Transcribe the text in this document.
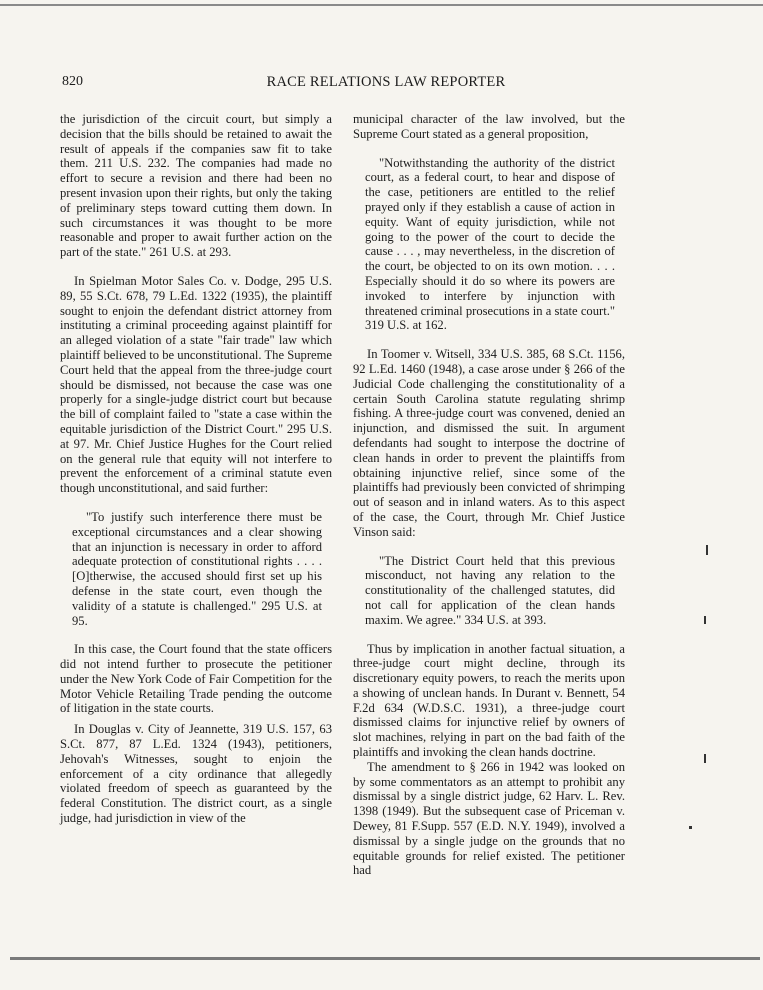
820	RACE RELATIONS LAW REPORTER

the jurisdiction of the circuit court, but simply a decision that the bills should be retained to await the result of appeals if the companies saw fit to take them. 211 U.S. 232. The companies had made no effort to secure a revision and there had been no present invasion upon their rights, but only the taking of preliminary steps toward cutting them down. In such circumstances it was thought to be more reasonable and proper to await further action on the part of the state." 261 U.S. at 293.

In Spielman Motor Sales Co. v. Dodge, 295 U.S. 89, 55 S.Ct. 678, 79 L.Ed. 1322 (1935), the plaintiff sought to enjoin the defendant district attorney from instituting a criminal proceeding against plaintiff for an alleged violation of a state "fair trade" law which plaintiff believed to be unconstitutional. The Supreme Court held that the appeal from the three-judge court should be dismissed, not because the case was one properly for a single-judge district court but because the bill of complaint failed to "state a case within the equitable jurisdiction of the District Court." 295 U.S. at 97. Mr. Chief Justice Hughes for the Court relied on the general rule that equity will not interfere to prevent the enforcement of a criminal statute even though unconstitutional, and said further:

"To justify such interference there must be exceptional circumstances and a clear showing that an injunction is necessary in order to afford adequate protection of constitutional rights . . . . [O]therwise, the accused should first set up his defense in the state court, even though the validity of a statute is challenged." 295 U.S. at 95.

In this case, the Court found that the state officers did not intend further to prosecute the petitioner under the New York Code of Fair Competition for the Motor Vehicle Retailing Trade pending the outcome of litigation in the state courts.

In Douglas v. City of Jeannette, 319 U.S. 157, 63 S.Ct. 877, 87 L.Ed. 1324 (1943), petitioners, Jehovah's Witnesses, sought to enjoin the enforcement of a city ordinance that allegedly violated freedom of speech as guaranteed by the federal Constitution. The district court, as a single judge, had jurisdiction in view of the

municipal character of the law involved, but the Supreme Court stated as a general proposition,

"Notwithstanding the authority of the district court, as a federal court, to hear and dispose of the case, petitioners are entitled to the relief prayed only if they establish a cause of action in equity. Want of equity jurisdiction, while not going to the power of the court to decide the cause . . . , may nevertheless, in the discretion of the court, be objected to on its own motion. . . . Especially should it do so where its powers are invoked to interfere by injunction with threatened criminal prosecutions in a state court." 319 U.S. at 162.

In Toomer v. Witsell, 334 U.S. 385, 68 S.Ct. 1156, 92 L.Ed. 1460 (1948), a case arose under § 266 of the Judicial Code challenging the constitutionality of a certain South Carolina statute regulating shrimp fishing. A three-judge court was convened, denied an injunction, and dismissed the suit. In argument defendants had sought to interpose the doctrine of clean hands in order to prevent the plaintiffs from obtaining injunctive relief, since some of the plaintiffs had previously been convicted of shrimping out of season and in inland waters. As to this aspect of the case, the Court, through Mr. Chief Justice Vinson said:

"The District Court held that this previous misconduct, not having any relation to the constitutionality of the challenged statutes, did not call for application of the clean hands maxim. We agree." 334 U.S. at 393.

Thus by implication in another factual situation, a three-judge court might decline, through its discretionary equity powers, to reach the merits upon a showing of unclean hands. In Durant v. Bennett, 54 F.2d 634 (W.D.S.C. 1931), a three-judge court dismissed claims for injunctive relief by owners of slot machines, relying in part on the bad faith of the plaintiffs and invoking the clean hands doctrine.

The amendment to § 266 in 1942 was looked on by some commentators as an attempt to prohibit any dismissal by a single district judge, 62 Harv. L. Rev. 1398 (1949). But the subsequent case of Priceman v. Dewey, 81 F.Supp. 557 (E.D. N.Y. 1949), involved a dismissal by a single judge on the grounds that no equitable grounds for relief existed. The petitioner had
